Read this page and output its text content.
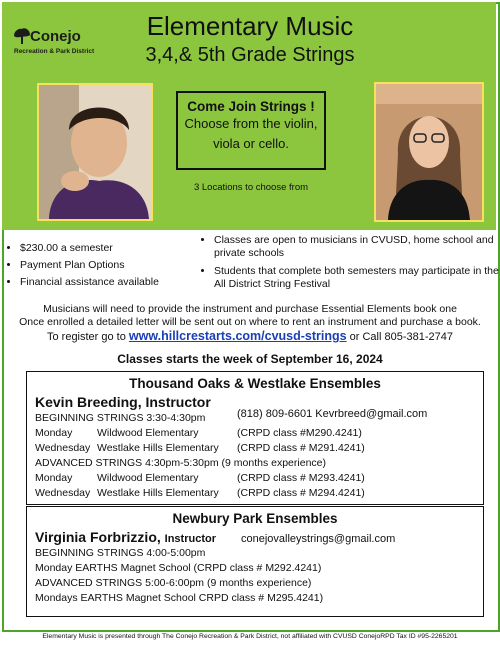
Conejo
Recreation & Park District
Elementary Music
3,4,& 5th Grade Strings
Come Join Strings !
Choose from the violin,
viola or cello.
3 Locations to choose from
• $230.00 a semester
• Payment Plan Options
• Financial assistance available
• Classes are open to musicians in CVUSD, home school and private schools
• Students that complete both semesters may participate in the All District String Festival
Musicians will need to provide the instrument and purchase Essential Elements book one
Once enrolled a detailed letter will be sent out on where to rent an instrument and purchase a book.
To register go to www.hillcrestarts.com/cvusd-strings or Call 805-381-2747
Classes starts the week of September 16, 2024
Thousand Oaks & Westlake Ensembles
Kevin Breeding, Instructor
(818) 809-6601 Kevrbreed@gmail.com
BEGINNING STRINGS 3:30-4:30pm
Monday Wildwood Elementary	(CRPD class #M290.4241)
Wednesday Westlake Hills Elementary (CRPD class # M291.4241)
ADVANCED STRINGS 4:30pm-5:30pm (9 months experience)
Monday Wildwood Elementary	(CRPD class # M293.4241)
Wednesday Westlake Hills Elementary (CRPD class # M294.4241)
Newbury Park Ensembles
Virginia Forbrizzio, Instructor conejovalleystrings@gmail.com
BEGINNING STRINGS 4:00-5:00pm
Monday EARTHS Magnet School (CRPD class # M292.4241)
ADVANCED STRINGS 5:00-6:00pm (9 months experience)
Mondays EARTHS Magnet School CRPD class # M295.4241)
Elementary Music is presented through The Conejo Recreation & Park District, not affiliated with CVUSD ConejoRPD Tax ID #95-2265201
